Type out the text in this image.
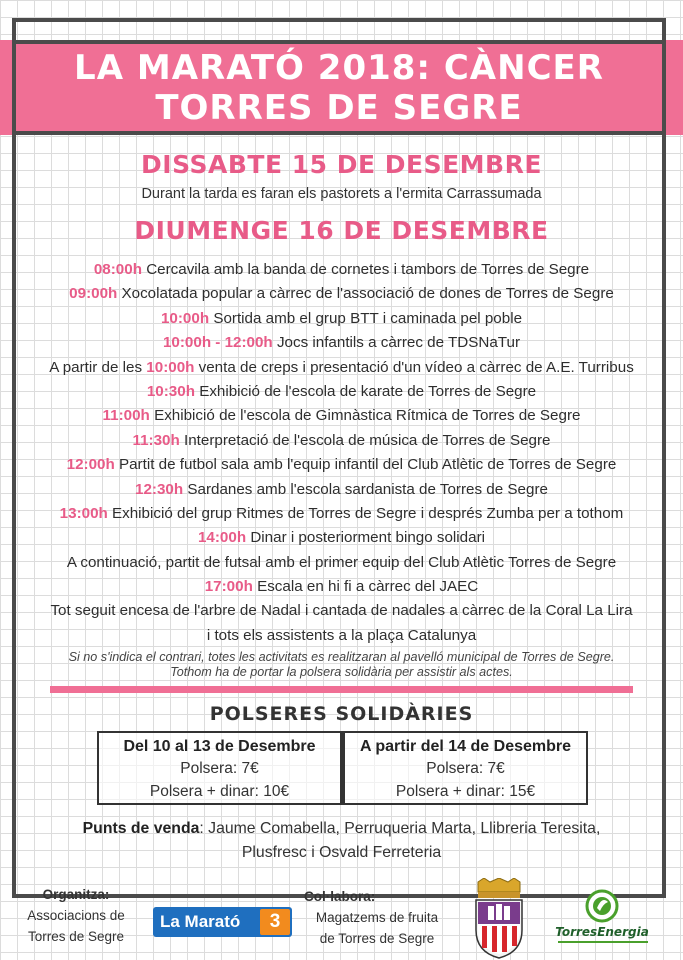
LA MARATÓ 2018: CÀNCER
TORRES DE SEGRE
DISSABTE 15 DE DESEMBRE
Durant la tarda es faran els pastorets a l'ermita Carrassumada
DIUMENGE 16 DE DESEMBRE
08:00h Cercavila amb la banda de cornetes i tambors de Torres de Segre
09:00h Xocolatada popular a càrrec de l'associació de dones de Torres de Segre
10:00h Sortida amb el grup BTT i caminada pel poble
10:00h - 12:00h Jocs infantils a càrrec de TDSNaTur
A partir de les 10:00h venta de creps i presentació d'un vídeo a càrrec de A.E. Turribus
10:30h Exhibició de l'escola de karate de Torres de Segre
11:00h Exhibició de l'escola de Gimnàstica Rítmica de Torres de Segre
11:30h Interpretació de l'escola de música de Torres de Segre
12:00h Partit de futbol sala amb l'equip infantil del Club Atlètic de Torres de Segre
12:30h Sardanes amb l'escola sardanista de Torres de Segre
13:00h Exhibició del grup Ritmes de Torres de Segre i després Zumba per a tothom
14:00h Dinar i posteriorment bingo solidari
A continuació, partit de futsal amb el primer equip del Club Atlètic Torres de Segre
17:00h Escala en hi fi a càrrec del JAEC
Tot seguit encesa de l'arbre de Nadal i cantada de nadales a càrrec de la Coral La Lira
i tots els assistents a la plaça Catalunya
Si no s'indica el contrari, totes les activitats es realitzaran al pavelló municipal de Torres de Segre. Tothom ha de portar la polsera solidària per assistir als actes.
POLSERES SOLIDÀRIES
Del 10 al 13 de Desembre
Polsera: 7€
Polsera + dinar: 10€
A partir del 14 de Desembre
Polsera: 7€
Polsera + dinar: 15€
Punts de venda: Jaume Comabella, Perruqueria Marta, Llibreria Teresita, Plusfresc i Osvald Ferreteria
Organitza:
Associacions de
Torres de Segre
La Marató	3
Col·labora:
Magatzems de fruita
de Torres de Segre	TorresEnergia
